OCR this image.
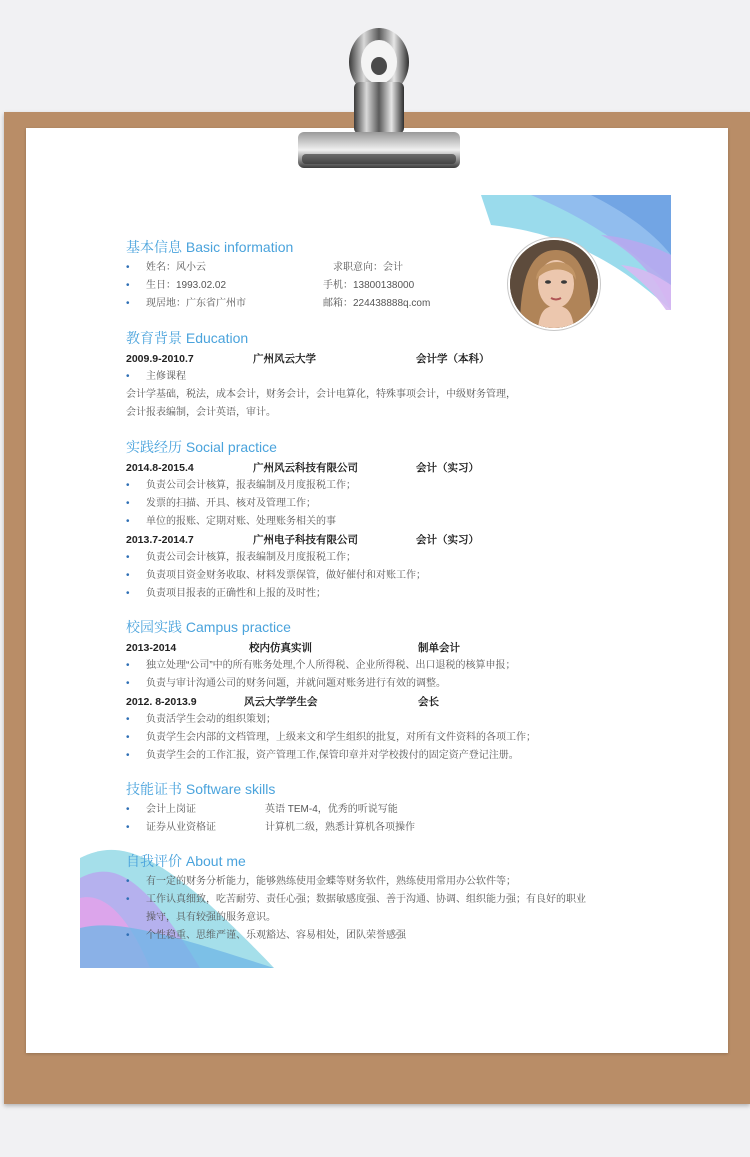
基本信息 Basic information
• 姓名：风小云	求职意向：会计
• 生日：1993.02.02	手机：13800138000
• 现居地：广东省广州市	邮箱：224438888q.com
教育背景 Education
2009.9-2010.7	广州风云大学	会计学（本科）
• 主修课程
会计学基础，税法，成本会计，财务会计，会计电算化，特殊事项会计，中级财务管理，
会计报表编制，会计英语，审计。
实践经历 Social practice
2014.8-2015.4	广州风云科技有限公司	会计（实习）
• 负责公司会计核算，报表编制及月度报税工作；
• 发票的扫描、开具、核对及管理工作；
• 单位的报账、定期对账、处理账务相关的事
2013.7-2014.7	广州电子科技有限公司	会计（实习）
• 负责公司会计核算，报表编制及月度报税工作；
• 负责项目资金财务收取、材料发票保管，做好催付和对账工作；
• 负责项目报表的正确性和上报的及时性；
校园实践 Campus practice
2013-2014	校内仿真实训	制单会计
• 独立处理“公司”中的所有账务处理,个人所得税、企业所得税、出口退税的核算申报；
• 负责与审计沟通公司的财务问题，并就问题对账务进行有效的调整。
2012. 8-2013.9	风云大学学生会	会长
• 负责活学生会动的组织策划；
• 负责学生会内部的文档管理，上级来文和学生组织的批复，对所有文件资料的各项工作；
• 负责学生会的工作汇报，资产管理工作,保管印章并对学校拨付的固定资产登记注册。
技能证书 Software skills
• 会计上岗证	英语 TEM-4，优秀的听说写能
• 证券从业资格证	计算机二级，熟悉计算机各项操作
自我评价 About me
• 有一定的财务分析能力，能够熟练使用金蝶等财务软件，熟练使用常用办公软件等；
• 工作认真细致，吃苦耐劳、责任心强；数据敏感度强、善于沟通、协调、组织能力强；有良好的职业
操守，具有较强的服务意识。
• 个性稳重、思维严谨、乐观豁达、容易相处，团队荣誉感强
